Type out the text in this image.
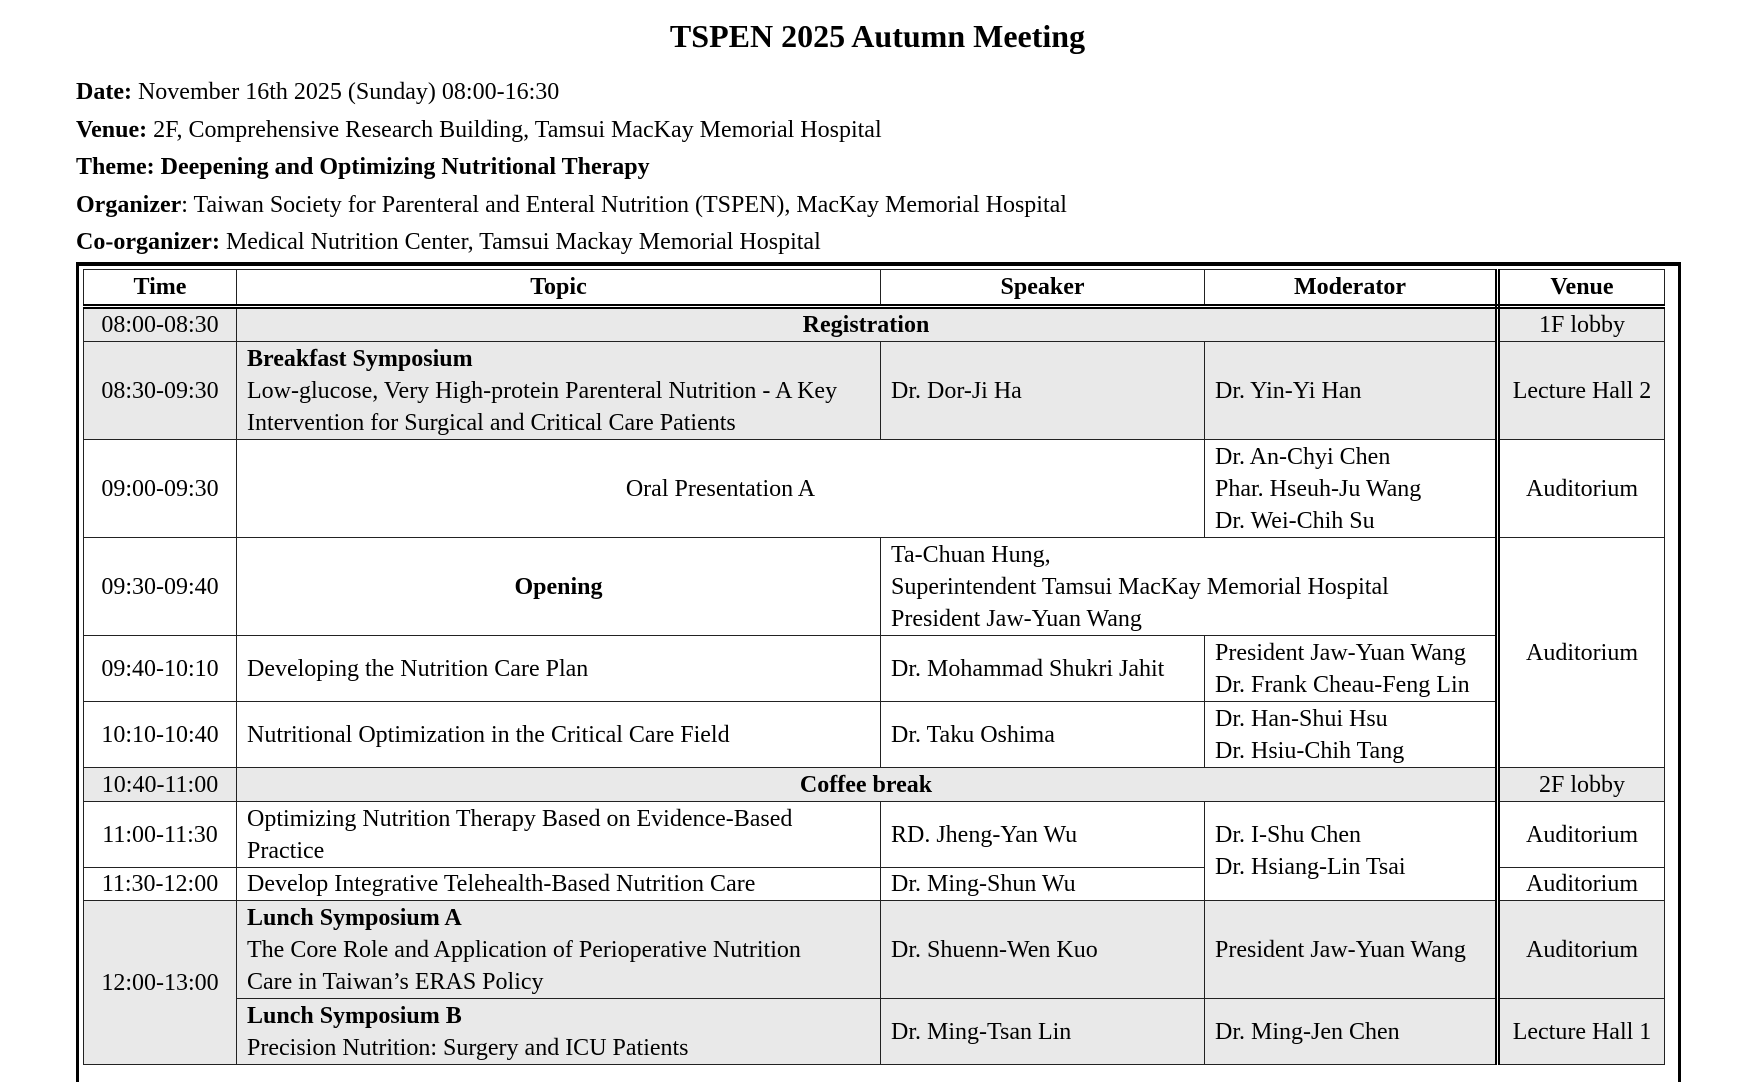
TSPEN 2025 Autumn Meeting
Date: November 16th 2025 (Sunday) 08:00-16:30
Venue: 2F, Comprehensive Research Building, Tamsui MacKay Memorial Hospital
Theme: Deepening and Optimizing Nutritional Therapy
Organizer: Taiwan Society for Parenteral and Enteral Nutrition (TSPEN), MacKay Memorial Hospital
Co-organizer: Medical Nutrition Center, Tamsui Mackay Memorial Hospital
Time	Topic	Speaker	Moderator	Venue
08:00-08:30	Registration			1F lobby
08:30-09:30	Breakfast Symposium
Low-glucose, Very High-protein Parenteral Nutrition - A Key
Intervention for Surgical and Critical Care Patients	Dr. Dor-Ji Ha	Dr. Yin-Yi Han	Lecture Hall 2
09:00-09:30	Oral Presentation A		Dr. An-Chyi Chen
Phar. Hseuh-Ju Wang
Dr. Wei-Chih Su	Auditorium
09:30-09:40	Opening	Ta-Chuan Hung,
Superintendent Tamsui MacKay Memorial Hospital
President Jaw-Yuan Wang		Auditorium
09:40-10:10	Developing the Nutrition Care Plan	Dr. Mohammad Shukri Jahit	President Jaw-Yuan Wang
Dr. Frank Cheau-Feng Lin	

10:10-10:40	Nutritional Optimization in the Critical Care Field	Dr. Taku Oshima	Dr. Han-Shui Hsu
Dr. Hsiu-Chih Tang	

10:40-11:00	Coffee break			2F lobby
11:00-11:30	Optimizing Nutrition Therapy Based on Evidence-Based
Practice	RD. Jheng-Yan Wu	Dr. I-Shu Chen
Dr. Hsiang-Lin Tsai	Auditorium
11:30-12:00	Develop Integrative Telehealth-Based Nutrition Care	Dr. Ming-Shun Wu		Auditorium
12:00-13:00	Lunch Symposium A
The Core Role and Application of Perioperative Nutrition
Care in Taiwan’s ERAS Policy	Dr. Shuenn-Wen Kuo	President Jaw-Yuan Wang	Auditorium

	Lunch Symposium B
Precision Nutrition: Surgery and ICU Patients	Dr. Ming-Tsan Lin	Dr. Ming-Jen Chen	Lecture Hall 1
